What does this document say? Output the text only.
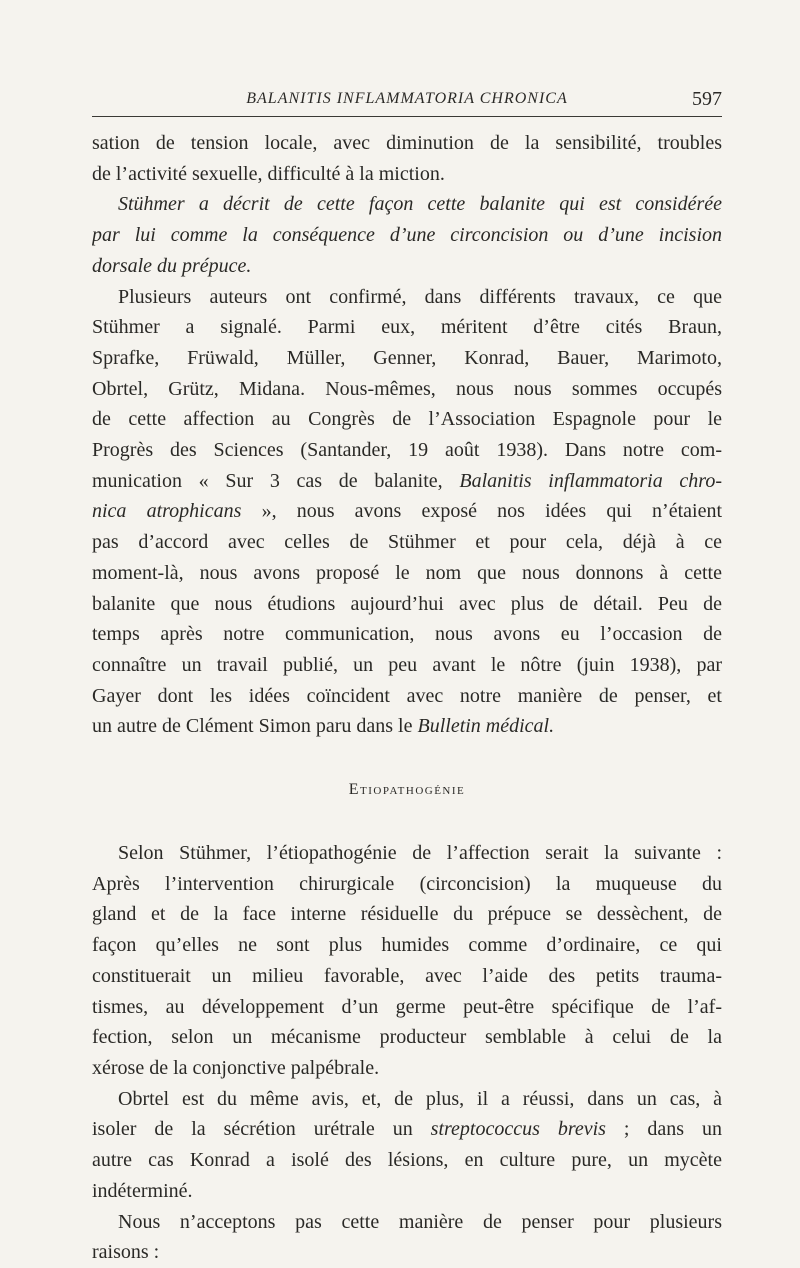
BALANITIS INFLAMMATORIA CHRONICA	597
sation de tension locale, avec diminution de la sensibilité, troubles
de l’activité sexuelle, difficulté à la miction.
Stühmer a décrit de cette façon cette balanite qui est considérée
par lui comme la conséquence d’une circoncision ou d’une incision
dorsale du prépuce.
Plusieurs auteurs ont confirmé, dans différents travaux, ce que
Stühmer a signalé. Parmi eux, méritent d’être cités Braun,
Sprafke, Früwald, Müller, Genner, Konrad, Bauer, Marimoto,
Obrtel, Grütz, Midana. Nous-mêmes, nous nous sommes occupés
de cette affection au Congrès de l’Association Espagnole pour le
Progrès des Sciences (Santander, 19 août 1938). Dans notre com-
munication « Sur 3 cas de balanite, Balanitis inflammatoria chro-
nica atrophicans », nous avons exposé nos idées qui n’étaient
pas d’accord avec celles de Stühmer et pour cela, déjà à ce
moment-là, nous avons proposé le nom que nous donnons à cette
balanite que nous étudions aujourd’hui avec plus de détail. Peu de
temps après notre communication, nous avons eu l’occasion de
connaître un travail publié, un peu avant le nôtre (juin 1938), par
Gayer dont les idées coïncident avec notre manière de penser, et
un autre de Clément Simon paru dans le Bulletin médical.
Etiopathogénie
Selon Stühmer, l’étiopathogénie de l’affection serait la suivante :
Après l’intervention chirurgicale (circoncision) la muqueuse du
gland et de la face interne résiduelle du prépuce se dessèchent, de
façon qu’elles ne sont plus humides comme d’ordinaire, ce qui
constituerait un milieu favorable, avec l’aide des petits trauma-
tismes, au développement d’un germe peut-être spécifique de l’af-
fection, selon un mécanisme producteur semblable à celui de la
xérose de la conjonctive palpébrale.
Obrtel est du même avis, et, de plus, il a réussi, dans un cas, à
isoler de la sécrétion urétrale un streptococcus brevis ; dans un
autre cas Konrad a isolé des lésions, en culture pure, un mycète
indéterminé.
Nous n’acceptons pas cette manière de penser pour plusieurs
raisons :
